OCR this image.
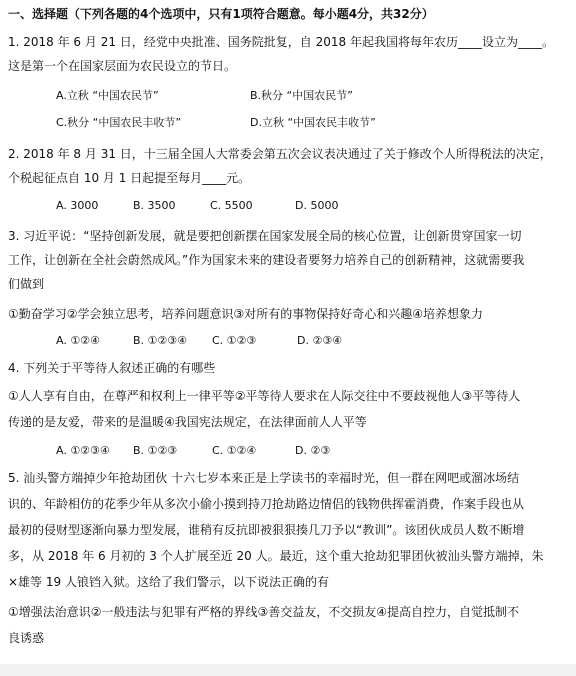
一、选择题（下列各题的4个选项中，只有1项符合题意。每小题4分，共32分）
1. 2018 年 6 月 21 日，经党中央批准、国务院批复，自 2018 年起我国将每年农历____设立为____。
这是第一个在国家层面为农民设立的节日。
A.立秋 “中国农民节”	B.秋分 “中国农民节”
C.秋分 “中国农民丰收节”	D.立秋 “中国农民丰收节”
2. 2018 年 8 月 31 日，十三届全国人大常委会第五次会议表决通过了关于修改个人所得税法的决定，
个税起征点自 10 月 1 日起提至每月____元。
A. 3000	B. 3500	C. 5500	D. 5000
3. 习近平说：“坚持创新发展，就是要把创新摆在国家发展全局的核心位置，让创新贯穿国家一切
工作，让创新在全社会蔚然成风。”作为国家未来的建设者要努力培养自己的创新精神，这就需要我
们做到
①勤奋学习②学会独立思考，培养问题意识③对所有的事物保持好奇心和兴趣④培养想象力
A. ①②④	B. ①②③④ C. ①②③	D. ②③④
4. 下列关于平等待人叙述正确的有哪些
①人人享有自由，在尊严和权利上一律平等②平等待人要求在人际交往中不要歧视他人③平等待人
传递的是友爱，带来的是温暖④我国宪法规定，在法律面前人人平等
A. ①②③④ B. ①②③	C. ①②④	D. ②③
5. 汕头警方端掉少年抢劫团伙 十六七岁本来正是上学读书的幸福时光，但一群在网吧或溜冰场结
识的、年龄相仿的花季少年从多次小偷小摸到持刀抢劫路边情侣的钱物供挥霍消费，作案手段也从
最初的侵财型逐渐向暴力型发展，谁稍有反抗即被狠狠揍几刀予以“教训”。该团伙成员人数不断增
多，从 2018 年 6 月初的 3 个人扩展至近 20 人。最近，这个重大抢劫犯罪团伙被汕头警方端掉，朱
×雄等 19 人锒铛入狱。这给了我们警示，以下说法正确的有
①增强法治意识②一般违法与犯罪有严格的界线③善交益友，不交损友④提高自控力，自觉抵制不
良诱惑
